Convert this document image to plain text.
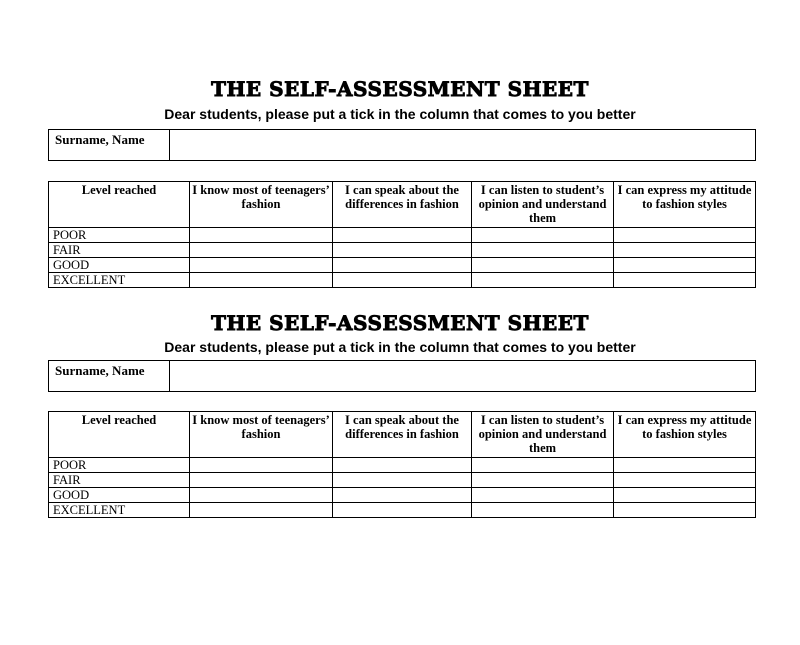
THE SELF-ASSESSMENT SHEET

Dear students, please put a tick in the column that comes to you better

Surname, Name	
Level reached	I know most of teenagers’ fashion	I can speak about the differences in fashion	I can listen to student’s opinion and understand them	I can express my attitude to fashion styles
POOR				
FAIR				
GOOD				
EXCELLENT				
THE SELF-ASSESSMENT SHEET

Dear students, please put a tick in the column that comes to you better

Surname, Name	
Level reached	I know most of teenagers’ fashion	I can speak about the differences in fashion	I can listen to student’s opinion and understand them	I can express my attitude to fashion styles
POOR				
FAIR				
GOOD				
EXCELLENT				
